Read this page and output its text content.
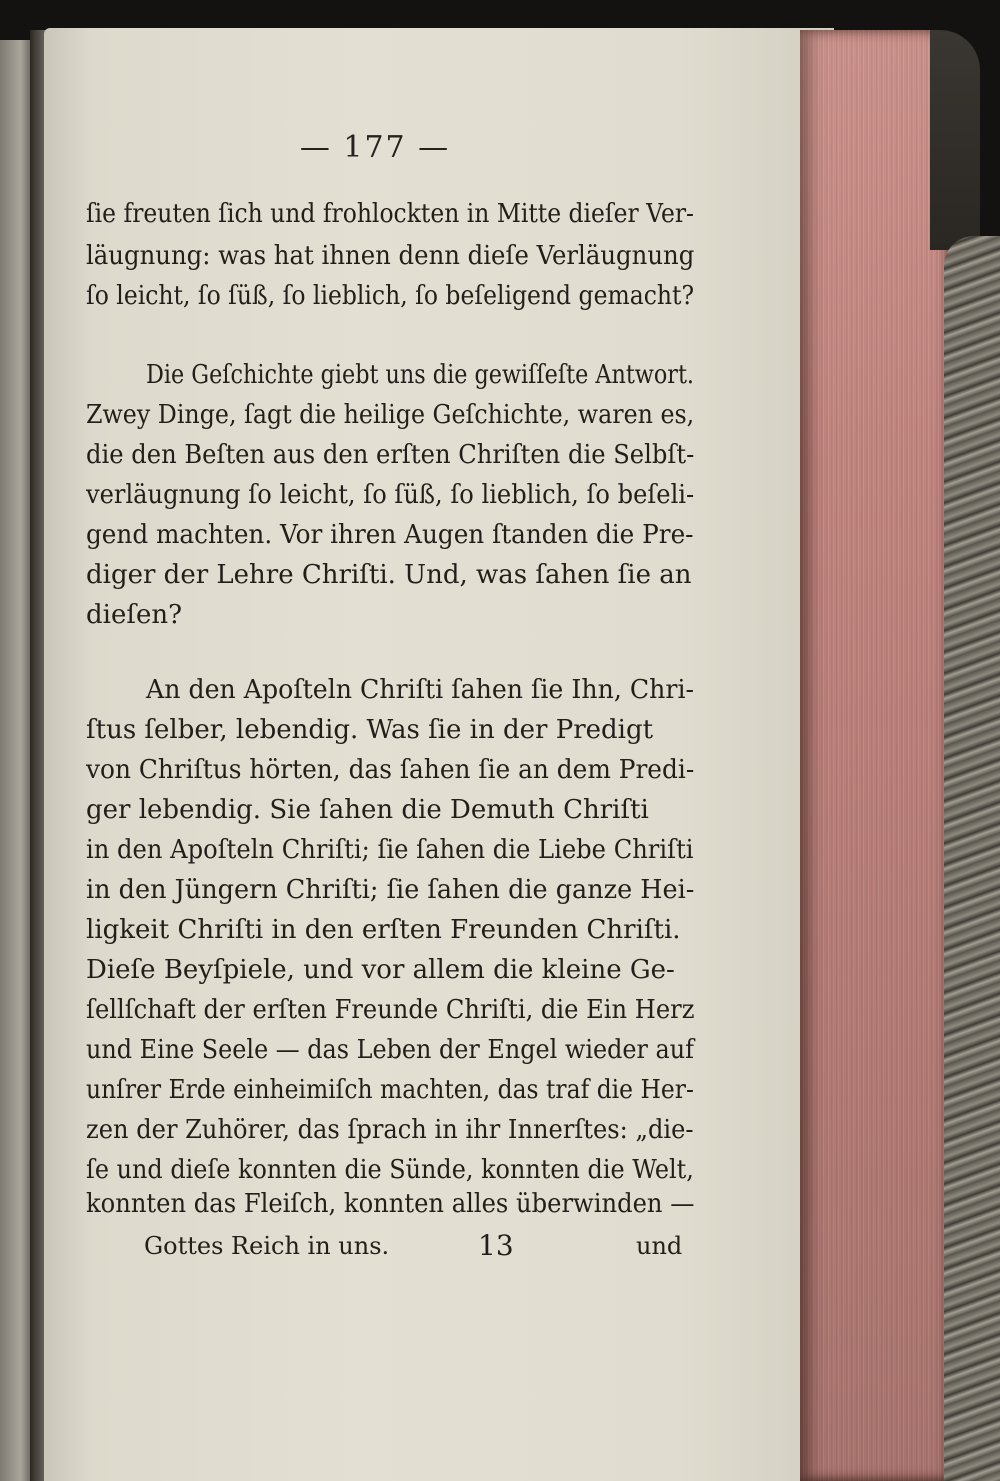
— 177 —
ſie freuten ſich und frohlockten in Mitte dieſer Ver-
läugnung: was hat ihnen denn dieſe Verläugnung
ſo leicht, ſo ſüß, ſo lieblich, ſo beſeligend gemacht?
Die Geſchichte giebt uns die gewiſſeſte Antwort.
Zwey Dinge, ſagt die heilige Geſchichte, waren es,
die den Beſten aus den erſten Chriſten die Selbſt-
verläugnung ſo leicht, ſo ſüß, ſo lieblich, ſo beſeli-
gend machten. Vor ihren Augen ſtanden die Pre-
diger der Lehre Chriſti. Und, was ſahen ſie an
dieſen?
An den Apoſteln Chriſti ſahen ſie Ihn, Chri-
ſtus ſelber, lebendig. Was ſie in der Predigt
von Chriſtus hörten, das ſahen ſie an dem Predi-
ger lebendig. Sie ſahen die Demuth Chriſti
in den Apoſteln Chriſti; ſie ſahen die Liebe Chriſti
in den Jüngern Chriſti; ſie ſahen die ganze Hei-
ligkeit Chriſti in den erſten Freunden Chriſti.
Dieſe Beyſpiele, und vor allem die kleine Ge-
ſellſchaft der erſten Freunde Chriſti, die Ein Herz
und Eine Seele — das Leben der Engel wieder auf
unſrer Erde einheimiſch machten, das traf die Her-
zen der Zuhörer, das ſprach in ihr Innerſtes: „die-
ſe und dieſe konnten die Sünde, konnten die Welt,
konnten das Fleiſch, konnten alles überwinden —
Gottes Reich in uns.	13	und
